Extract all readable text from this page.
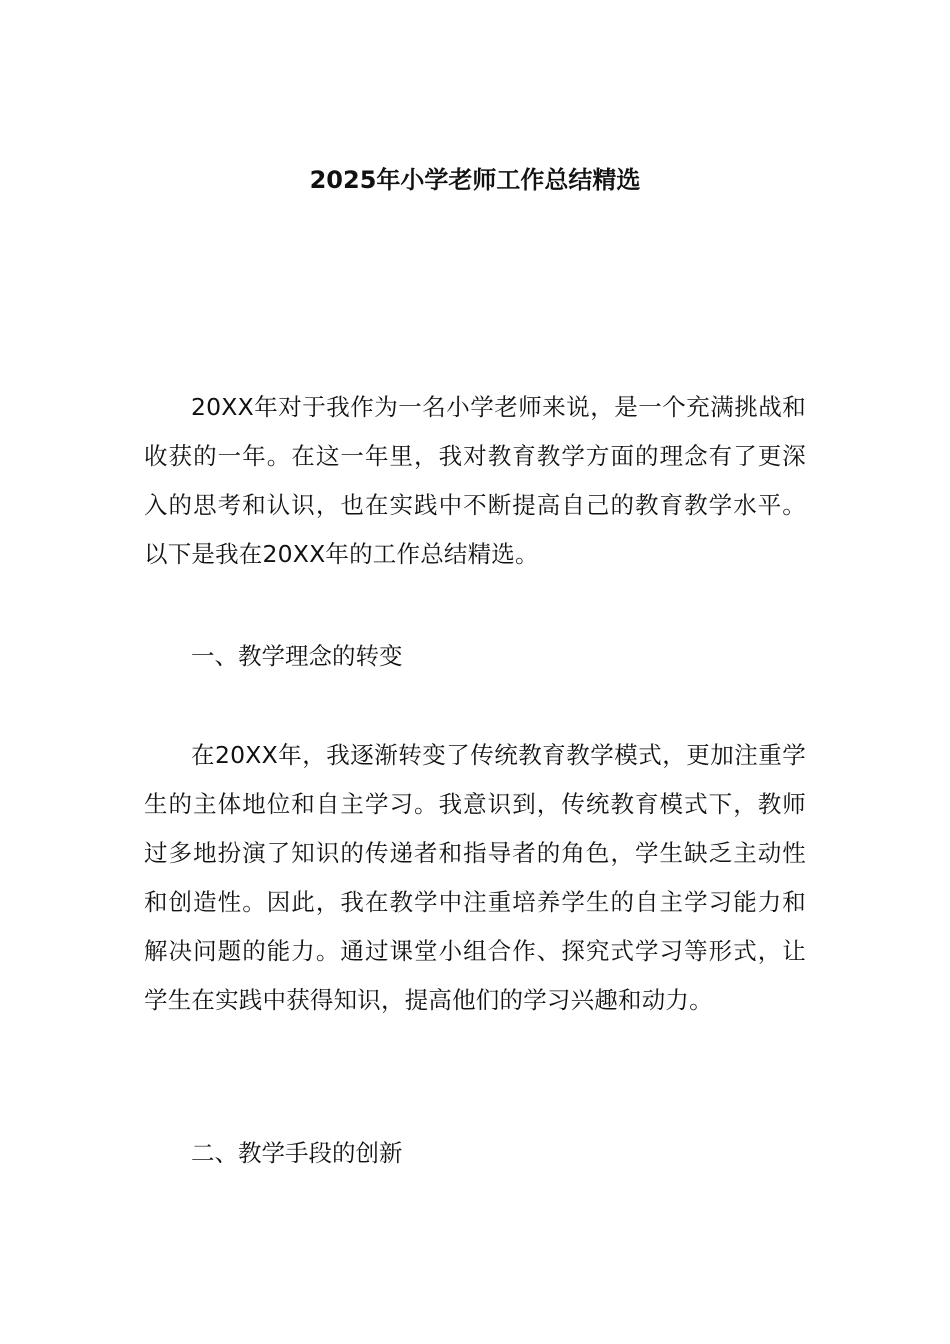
2025年小学老师工作总结精选

20XX年对于我作为一名小学老师来说，是一个充满挑战和收获的一年。在这一年里，我对教育教学方面的理念有了更深入的思考和认识，也在实践中不断提高自己的教育教学水平。以下是我在20XX年的工作总结精选。

一、教学理念的转变

在20XX年，我逐渐转变了传统教育教学模式，更加注重学生的主体地位和自主学习。我意识到，传统教育模式下，教师过多地扮演了知识的传递者和指导者的角色，学生缺乏主动性和创造性。因此，我在教学中注重培养学生的自主学习能力和解决问题的能力。通过课堂小组合作、探究式学习等形式，让学生在实践中获得知识，提高他们的学习兴趣和动力。

二、教学手段的创新
